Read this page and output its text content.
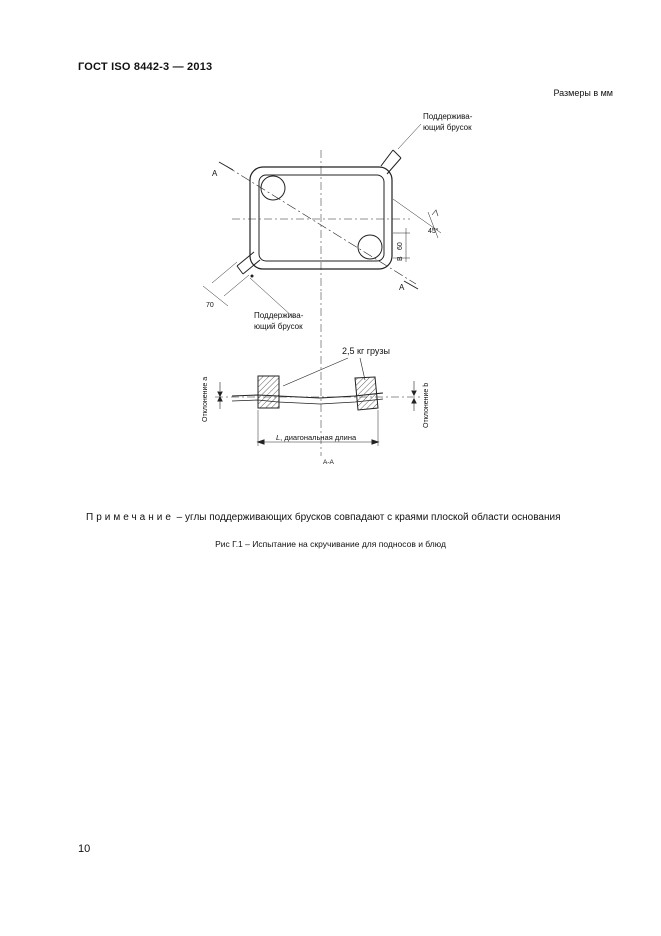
ГОСТ ISO 8442-3 — 2013
Размеры в мм
Поддержива-
ющий брусок
А
А
45°
60
В
70
Поддержива-
ющий брусок
2,5 кг грузы
Отклонение а	Отклонение b
L, диагональная длина
А-А
Примечание – углы поддерживающих брусков совпадают с краями плоской области основания
Рис Г.1 – Испытание на скручивание для подносов и блюд
10
